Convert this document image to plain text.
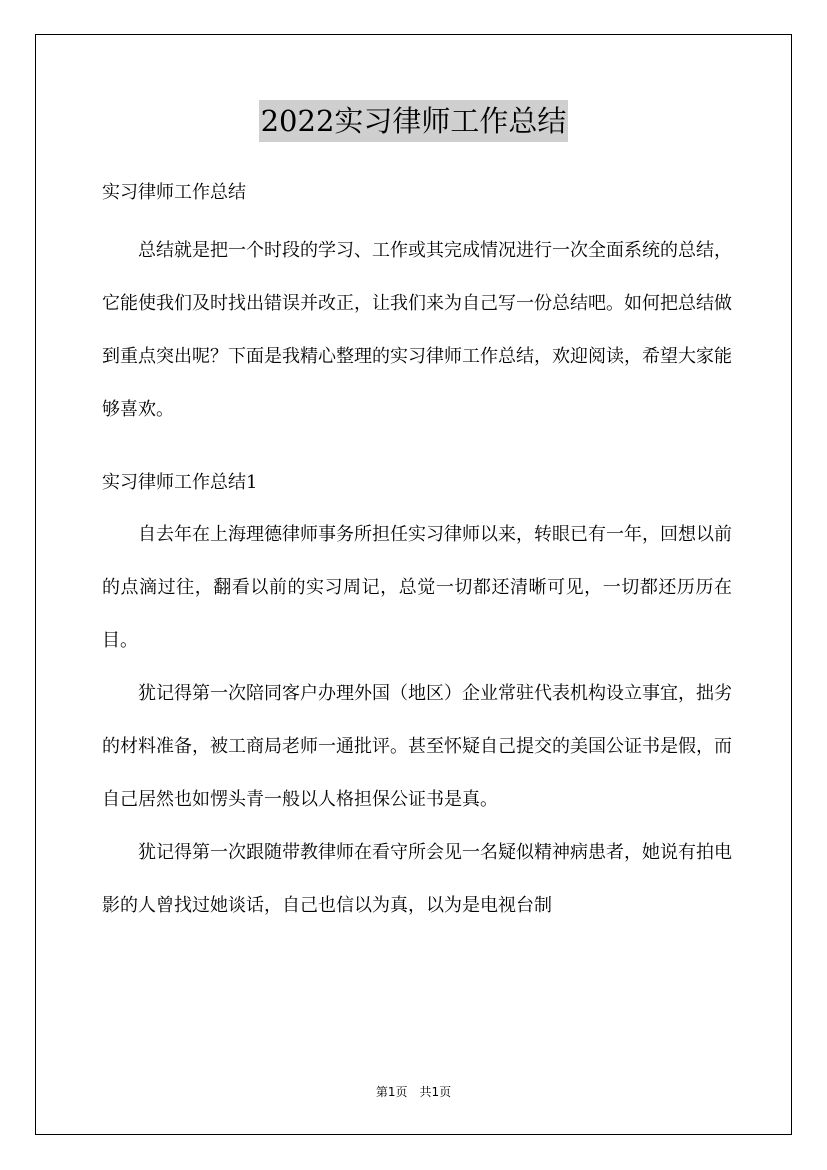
2022实习律师工作总结

实习律师工作总结

总结就是把一个时段的学习、工作或其完成情况进行一次全面系统的总结，它能使我们及时找出错误并改正，让我们来为自己写一份总结吧。如何把总结做到重点突出呢？下面是我精心整理的实习律师工作总结，欢迎阅读，希望大家能够喜欢。

实习律师工作总结1

自去年在上海理德律师事务所担任实习律师以来，转眼已有一年，回想以前的点滴过往，翻看以前的实习周记，总觉一切都还清晰可见，一切都还历历在目。

犹记得第一次陪同客户办理外国（地区）企业常驻代表机构设立事宜，拙劣的材料准备，被工商局老师一通批评。甚至怀疑自己提交的美国公证书是假，而自己居然也如愣头青一般以人格担保公证书是真。

犹记得第一次跟随带教律师在看守所会见一名疑似精神病患者，她说有拍电影的人曾找过她谈话，自己也信以为真，以为是电视台制

第1页　共1页
